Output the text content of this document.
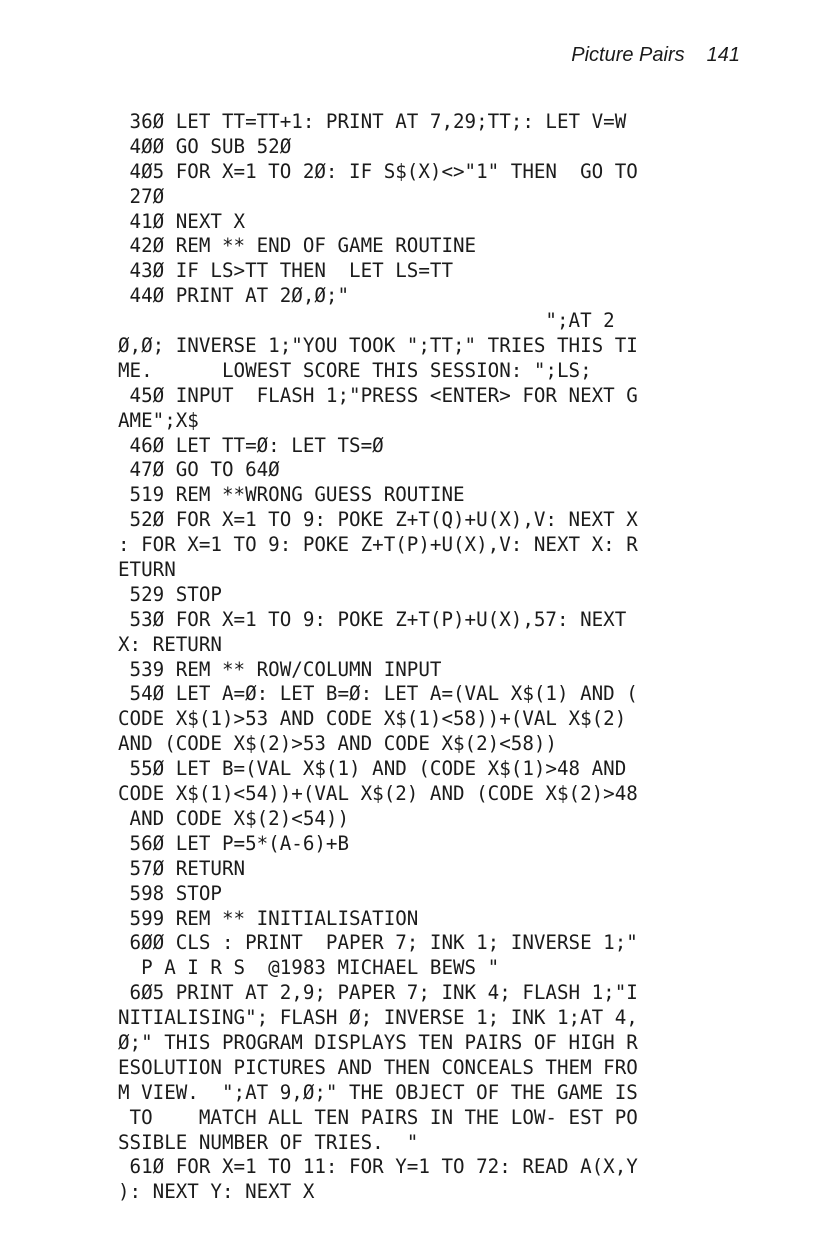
Picture Pairs 141
36Ø LET TT=TT+1: PRINT AT 7,29;TT;: LET V=W
4ØØ GO SUB 52Ø
4Ø5 FOR X=1 TO 2Ø: IF S$(X)<>"1" THEN  GO TO
27Ø
41Ø NEXT X
42Ø REM ** END OF GAME ROUTINE
43Ø IF LS>TT THEN  LET LS=TT
44Ø PRINT AT 2Ø,Ø;"
";AT 2
Ø,Ø; INVERSE 1;"YOU TOOK ";TT;" TRIES THIS TI
ME.      LOWEST SCORE THIS SESSION: ";LS;
45Ø INPUT  FLASH 1;"PRESS <ENTER> FOR NEXT G
AME";X$
46Ø LET TT=Ø: LET TS=Ø
47Ø GO TO 64Ø
519 REM **WRONG GUESS ROUTINE
52Ø FOR X=1 TO 9: POKE Z+T(Q)+U(X),V: NEXT X
: FOR X=1 TO 9: POKE Z+T(P)+U(X),V: NEXT X: R
ETURN
529 STOP
53Ø FOR X=1 TO 9: POKE Z+T(P)+U(X),57: NEXT
X: RETURN
539 REM ** ROW/COLUMN INPUT
54Ø LET A=Ø: LET B=Ø: LET A=(VAL X$(1) AND (
CODE X$(1)>53 AND CODE X$(1)<58))+(VAL X$(2)
AND (CODE X$(2)>53 AND CODE X$(2)<58))
55Ø LET B=(VAL X$(1) AND (CODE X$(1)>48 AND
CODE X$(1)<54))+(VAL X$(2) AND (CODE X$(2)>48
AND CODE X$(2)<54))
56Ø LET P=5*(A-6)+B
57Ø RETURN
598 STOP
599 REM ** INITIALISATION
6ØØ CLS : PRINT  PAPER 7; INK 1; INVERSE 1;"
P A I R S  @1983 MICHAEL BEWS "
6Ø5 PRINT AT 2,9; PAPER 7; INK 4; FLASH 1;"I
NITIALISING"; FLASH Ø; INVERSE 1; INK 1;AT 4,
Ø;" THIS PROGRAM DISPLAYS TEN PAIRS OF HIGH R
ESOLUTION PICTURES AND THEN CONCEALS THEM FRO
M VIEW.  ";AT 9,Ø;" THE OBJECT OF THE GAME IS
TO    MATCH ALL TEN PAIRS IN THE LOW- EST PO
SSIBLE NUMBER OF TRIES.  "
61Ø FOR X=1 TO 11: FOR Y=1 TO 72: READ A(X,Y
): NEXT Y: NEXT X
